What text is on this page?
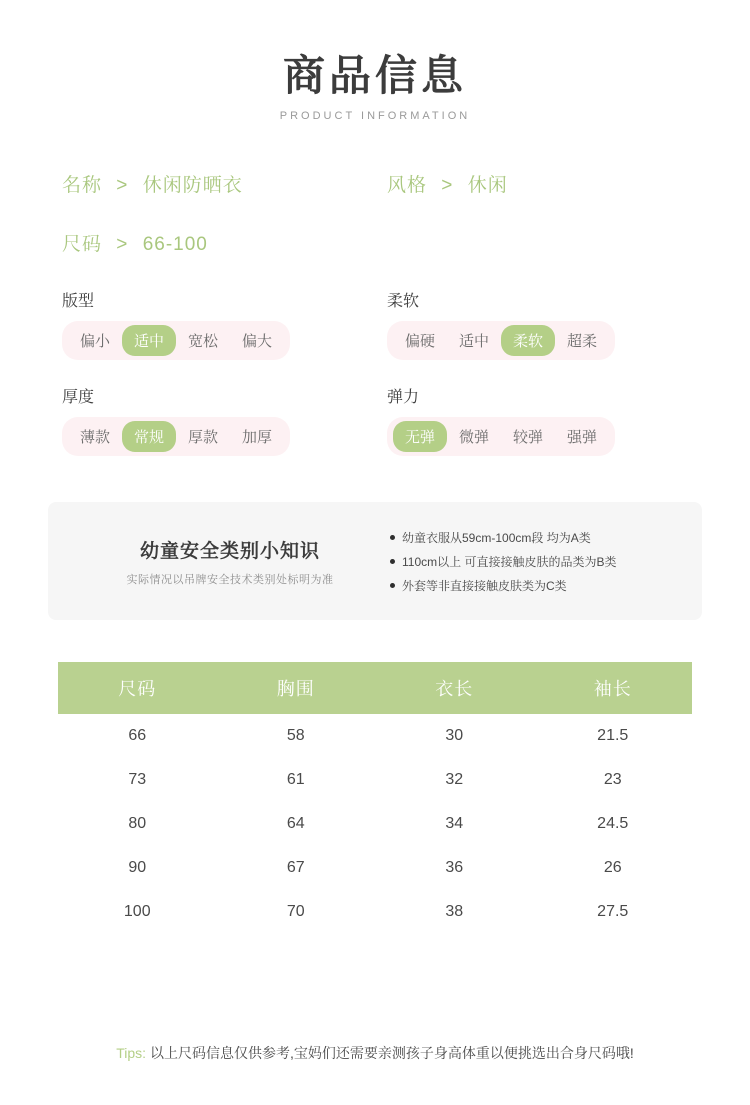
商品信息
PRODUCT INFORMATION
名称 > 休闲防晒衣	风格 > 休闲
尺码 > 66-100
版型
偏小	适中	宽松	偏大
柔软
偏硬	适中	柔软	超柔
厚度
薄款	常规	厚款	加厚
弹力
无弹	微弹	较弹	强弹
幼童安全类别小知识
实际情况以吊牌安全技术类别处标明为准
幼童衣服从59cm-100cm段 均为A类
110cm以上 可直接接触皮肤的品类为B类
外套等非直接接触皮肤类为C类
尺码	胸围	衣长	袖长
66	58	30	21.5
73	61	32	23
80	64	34	24.5
90	67	36	26
100	70	38	27.5
Tips: 以上尺码信息仅供参考,宝妈们还需要亲测孩子身高体重以便挑选出合身尺码哦!
